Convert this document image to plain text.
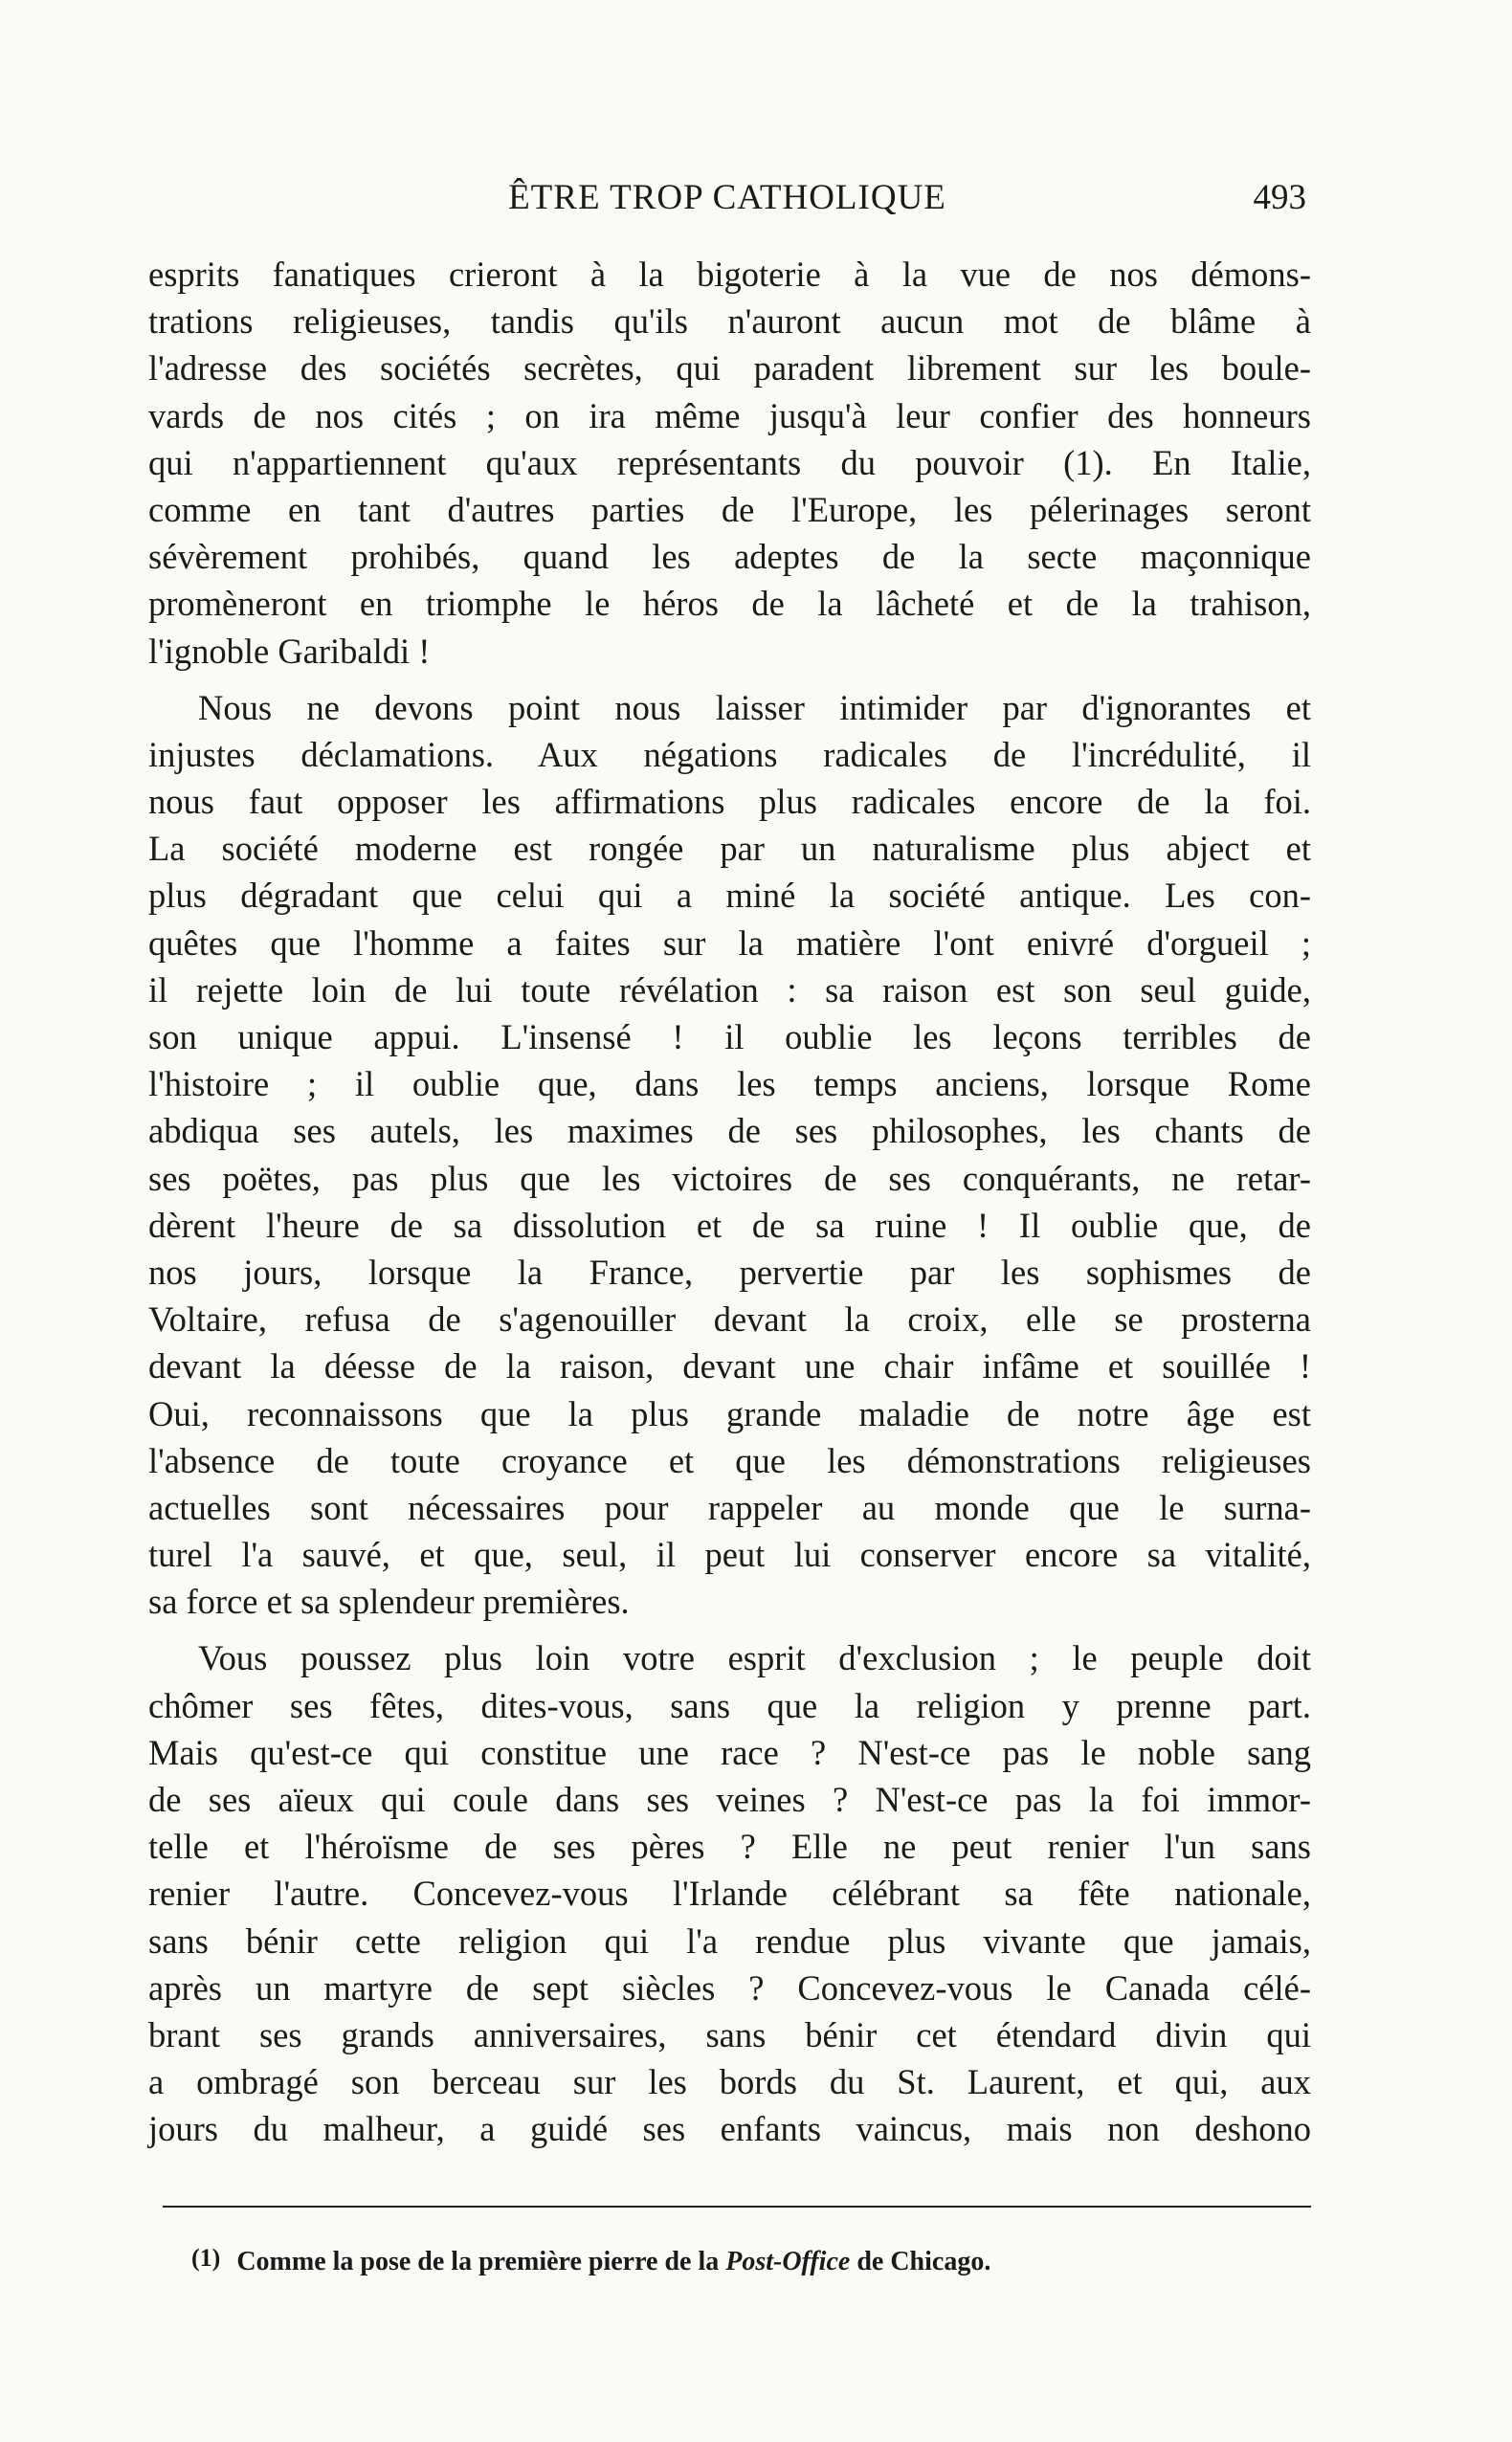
ÊTRE TROP CATHOLIQUE	493
esprits fanatiques crieront à la bigoterie à la vue de nos démons-
trations religieuses, tandis qu'ils n'auront aucun mot de blâme à
l'adresse des sociétés secrètes, qui paradent librement sur les boule-
vards de nos cités ; on ira même jusqu'à leur confier des honneurs
qui n'appartiennent qu'aux représentants du pouvoir (1). En Italie,
comme en tant d'autres parties de l'Europe, les pélerinages seront
sévèrement prohibés, quand les adeptes de la secte maçonnique
promèneront en triomphe le héros de la lâcheté et de la trahison,
l'ignoble Garibaldi !
Nous ne devons point nous laisser intimider par d'ignorantes et
injustes déclamations. Aux négations radicales de l'incrédulité, il
nous faut opposer les affirmations plus radicales encore de la foi.
La société moderne est rongée par un naturalisme plus abject et
plus dégradant que celui qui a miné la société antique. Les con-
quêtes que l'homme a faites sur la matière l'ont enivré d'orgueil ;
il rejette loin de lui toute révélation : sa raison est son seul guide,
son unique appui. L'insensé ! il oublie les leçons terribles de
l'histoire ; il oublie que, dans les temps anciens, lorsque Rome
abdiqua ses autels, les maximes de ses philosophes, les chants de
ses poëtes, pas plus que les victoires de ses conquérants, ne retar-
dèrent l'heure de sa dissolution et de sa ruine ! Il oublie que, de
nos jours, lorsque la France, pervertie par les sophismes de
Voltaire, refusa de s'agenouiller devant la croix, elle se prosterna
devant la déesse de la raison, devant une chair infâme et souillée !
Oui, reconnaissons que la plus grande maladie de notre âge est
l'absence de toute croyance et que les démonstrations religieuses
actuelles sont nécessaires pour rappeler au monde que le surna-
turel l'a sauvé, et que, seul, il peut lui conserver encore sa vitalité,
sa force et sa splendeur premières.
Vous poussez plus loin votre esprit d'exclusion ; le peuple doit
chômer ses fêtes, dites-vous, sans que la religion y prenne part.
Mais qu'est-ce qui constitue une race ? N'est-ce pas le noble sang
de ses aïeux qui coule dans ses veines ? N'est-ce pas la foi immor-
telle et l'héroïsme de ses pères ? Elle ne peut renier l'un sans
renier l'autre. Concevez-vous l'Irlande célébrant sa fête nationale,
sans bénir cette religion qui l'a rendue plus vivante que jamais,
après un martyre de sept siècles ? Concevez-vous le Canada célé-
brant ses grands anniversaires, sans bénir cet étendard divin qui
a ombragé son berceau sur les bords du St. Laurent, et qui, aux
jours du malheur, a guidé ses enfants vaincus, mais non deshono
(1) Comme la pose de la première pierre de la Post-Office de Chicago.
